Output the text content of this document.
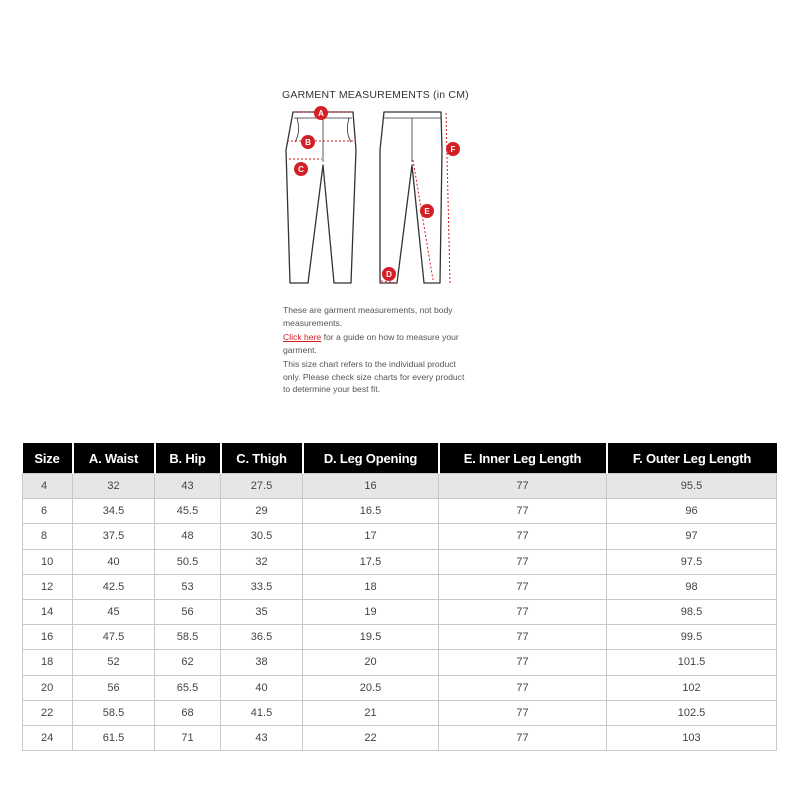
GARMENT MEASUREMENTS (in CM)
A
B
C
D
E
F

These are garment measurements, not body measurements.

Click here for a guide on how to measure your garment.

This size chart refers to the individual product only. Please check size charts for every product to determine your best fit.

Size	A. Waist	B. Hip	C. Thigh	D. Leg Opening	E. Inner Leg Length	F. Outer Leg Length
4	32	43	27.5	16	77	95.5
6	34.5	45.5	29	16.5	77	96
8	37.5	48	30.5	17	77	97
10	40	50.5	32	17.5	77	97.5
12	42.5	53	33.5	18	77	98
14	45	56	35	19	77	98.5
16	47.5	58.5	36.5	19.5	77	99.5
18	52	62	38	20	77	101.5
20	56	65.5	40	20.5	77	102
22	58.5	68	41.5	21	77	102.5
24	61.5	71	43	22	77	103
